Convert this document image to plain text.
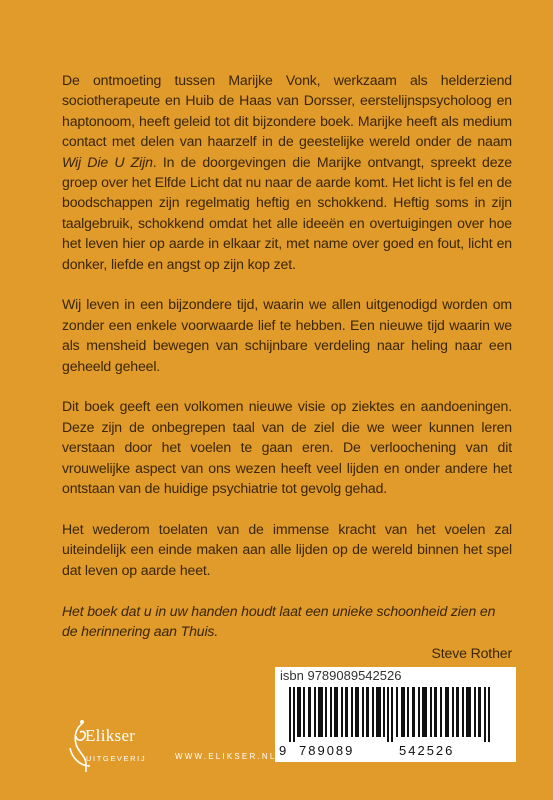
De ontmoeting tussen Marijke Vonk, werkzaam als helderziend sociotherapeute en Huib de Haas van Dorsser, eerstelijnspsycholoog en haptonoom, heeft geleid tot dit bijzondere boek. Marijke heeft als medium contact met delen van haarzelf in de geestelijke wereld onder de naam Wij Die U Zijn. In de doorgevingen die Marijke ontvangt, spreekt deze groep over het Elfde Licht dat nu naar de aarde komt. Het licht is fel en de boodschappen zijn regelmatig heftig en schokkend. Heftig soms in zijn taalgebruik, schokkend omdat het alle ideeën en overtuigingen over hoe het leven hier op aarde in elkaar zit, met name over goed en fout, licht en donker, liefde en angst op zijn kop zet.

Wij leven in een bijzondere tijd, waarin we allen uitgenodigd worden om zonder een enkele voorwaarde lief te hebben. Een nieuwe tijd waarin we als mensheid bewegen van schijnbare verdeling naar heling naar een geheeld geheel.

Dit boek geeft een volkomen nieuwe visie op ziektes en aandoeningen. Deze zijn de onbegrepen taal van de ziel die we weer kunnen leren verstaan door het voelen te gaan eren. De verloochening van dit vrouwelijke aspect van ons wezen heeft veel lijden en onder andere het ontstaan van de huidige psychiatrie tot gevolg gehad.

Het wederom toelaten van de immense kracht van het voelen zal uiteindelijk een einde maken aan alle lijden op de wereld binnen het spel dat leven op aarde heet.

Het boek dat u in uw handen houdt laat een unieke schoonheid zien en de herinnering aan Thuis.

Steve Rother

isbn 9789089542526
9 789089	542526
Elikser
UITGEVERIJ	WWW.ELIKSER.NL
